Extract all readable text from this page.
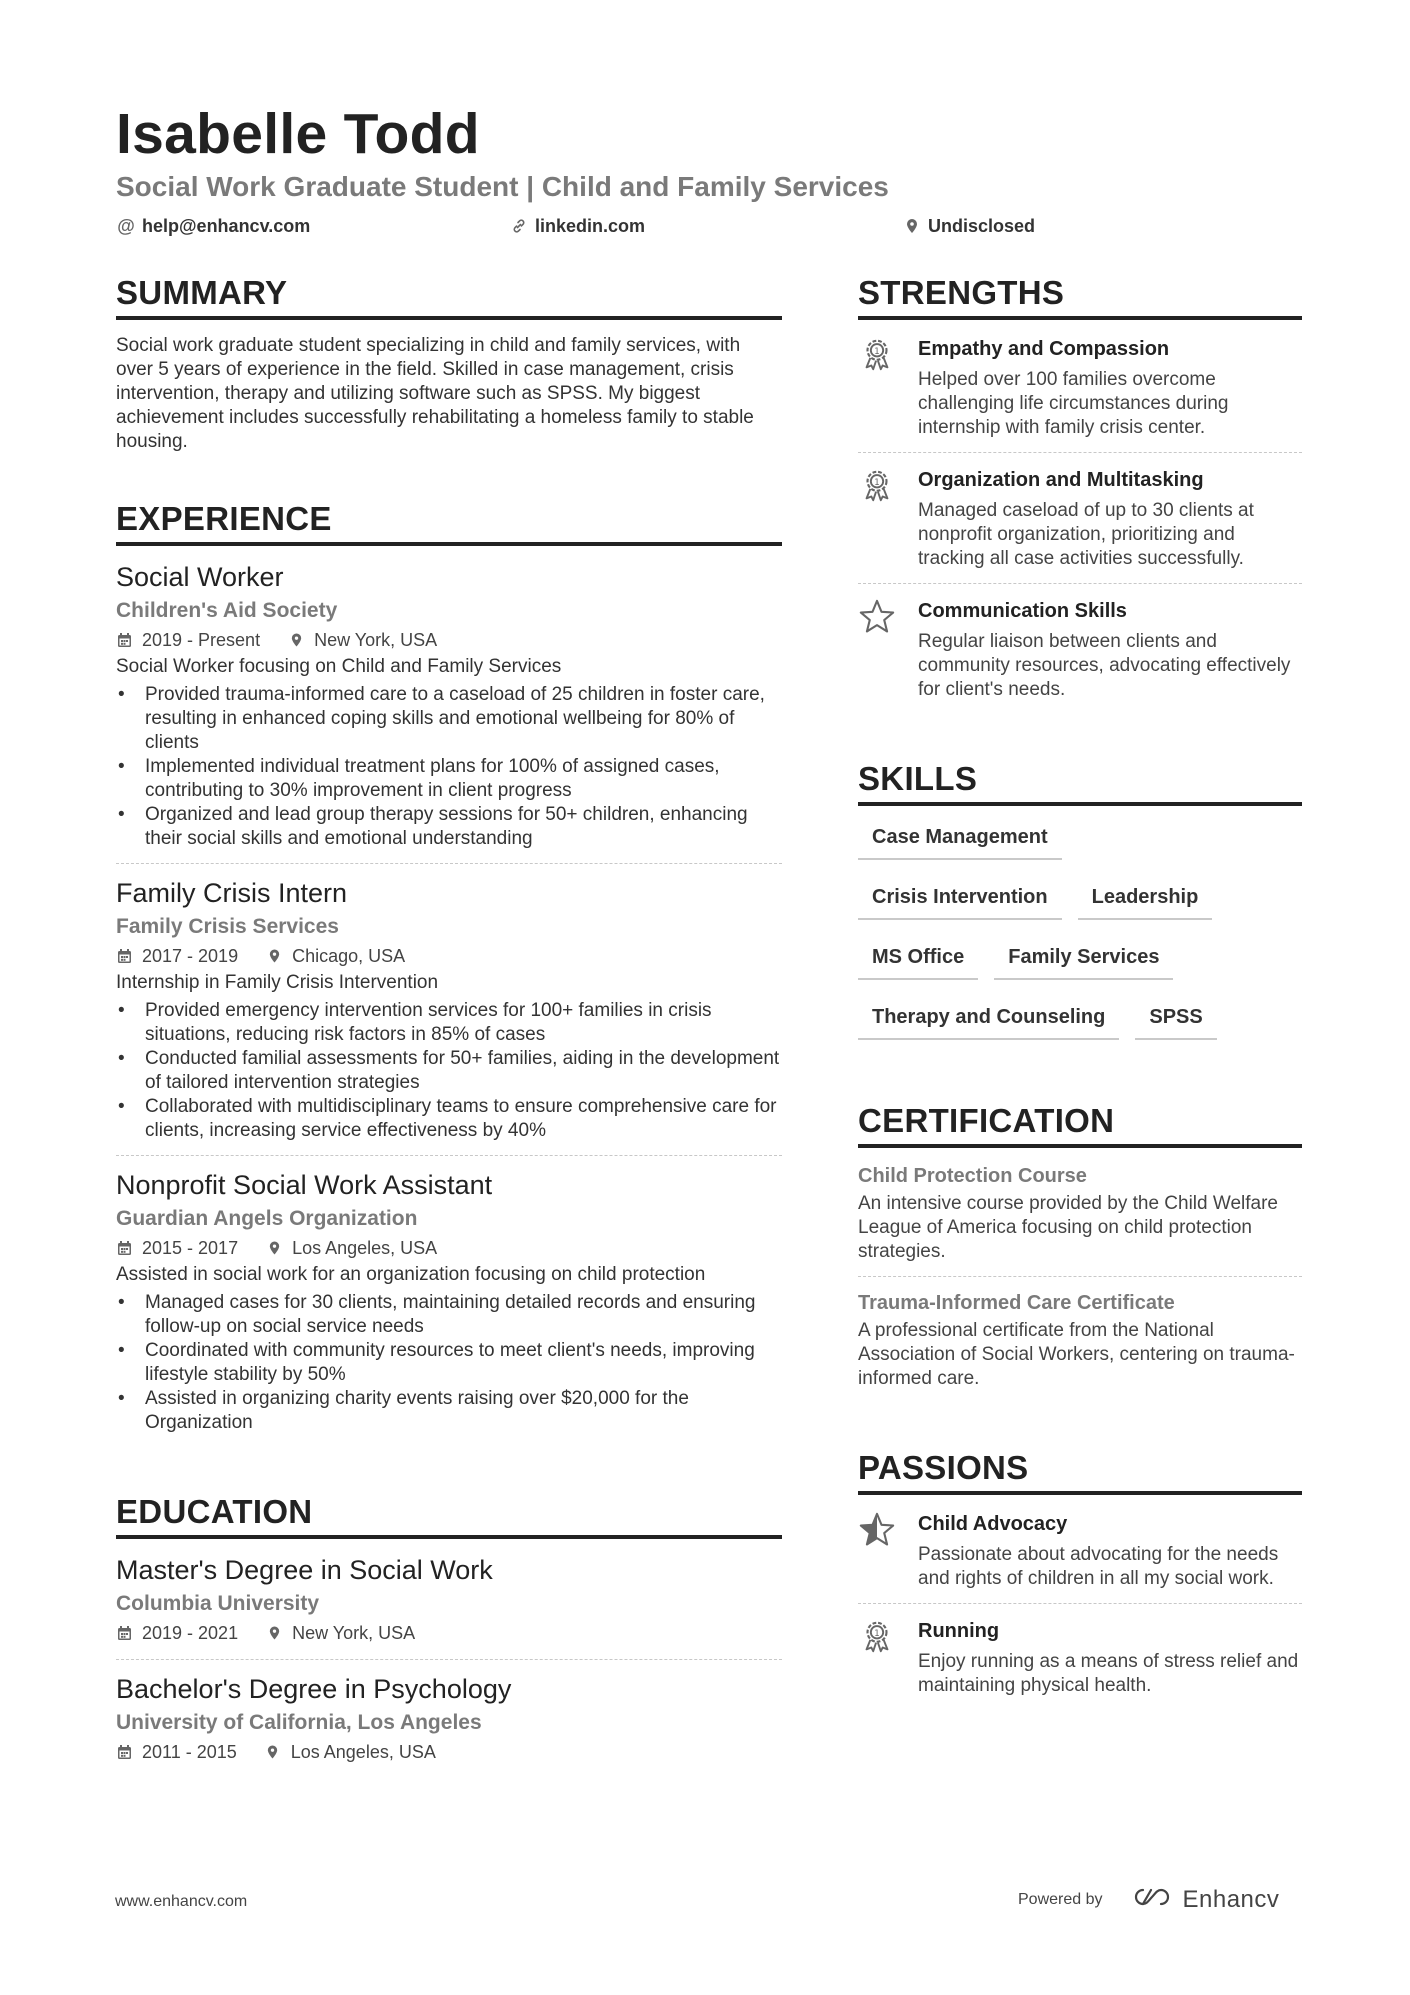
Isabelle Todd
Social Work Graduate Student | Child and Family Services
@ help@enhancv.com	linkedin.com	Undisclosed
SUMMARY
Social work graduate student specializing in child and family services, with over 5 years of experience in the field. Skilled in case management, crisis intervention, therapy and utilizing software such as SPSS. My biggest achievement includes successfully rehabilitating a homeless family to stable housing.
EXPERIENCE
Social Worker
Children's Aid Society
2019 - Present	New York, USA
Social Worker focusing on Child and Family Services
• Provided trauma-informed care to a caseload of 25 children in foster care, resulting in enhanced coping skills and emotional wellbeing for 80% of clients
• Implemented individual treatment plans for 100% of assigned cases, contributing to 30% improvement in client progress
• Organized and lead group therapy sessions for 50+ children, enhancing their social skills and emotional understanding
Family Crisis Intern
Family Crisis Services
2017 - 2019	Chicago, USA
Internship in Family Crisis Intervention
• Provided emergency intervention services for 100+ families in crisis situations, reducing risk factors in 85% of cases
• Conducted familial assessments for 50+ families, aiding in the development of tailored intervention strategies
• Collaborated with multidisciplinary teams to ensure comprehensive care for clients, increasing service effectiveness by 40%
Nonprofit Social Work Assistant
Guardian Angels Organization
2015 - 2017	Los Angeles, USA
Assisted in social work for an organization focusing on child protection
• Managed cases for 30 clients, maintaining detailed records and ensuring follow-up on social service needs
• Coordinated with community resources to meet client's needs, improving lifestyle stability by 50%
• Assisted in organizing charity events raising over $20,000 for the Organization
EDUCATION
Master's Degree in Social Work
Columbia University
2019 - 2021	New York, USA
Bachelor's Degree in Psychology
University of California, Los Angeles
2011 - 2015	Los Angeles, USA
STRENGTHS
1 Empathy and Compassion
Helped over 100 families overcome challenging life circumstances during internship with family crisis center.
1 Organization and Multitasking
Managed caseload of up to 30 clients at nonprofit organization, prioritizing and tracking all case activities successfully.
Communication Skills
Regular liaison between clients and community resources, advocating effectively for client's needs.
SKILLS
Case Management
Crisis Intervention	Leadership
MS Office	Family Services
Therapy and Counseling	SPSS
CERTIFICATION
Child Protection Course
An intensive course provided by the Child Welfare League of America focusing on child protection strategies.
Trauma-Informed Care Certificate
A professional certificate from the National Association of Social Workers, centering on trauma-informed care.
PASSIONS
Child Advocacy
Passionate about advocating for the needs and rights of children in all my social work.
1 Running
Enjoy running as a means of stress relief and maintaining physical health.
www.enhancv.com	Powered by	Enhancv
